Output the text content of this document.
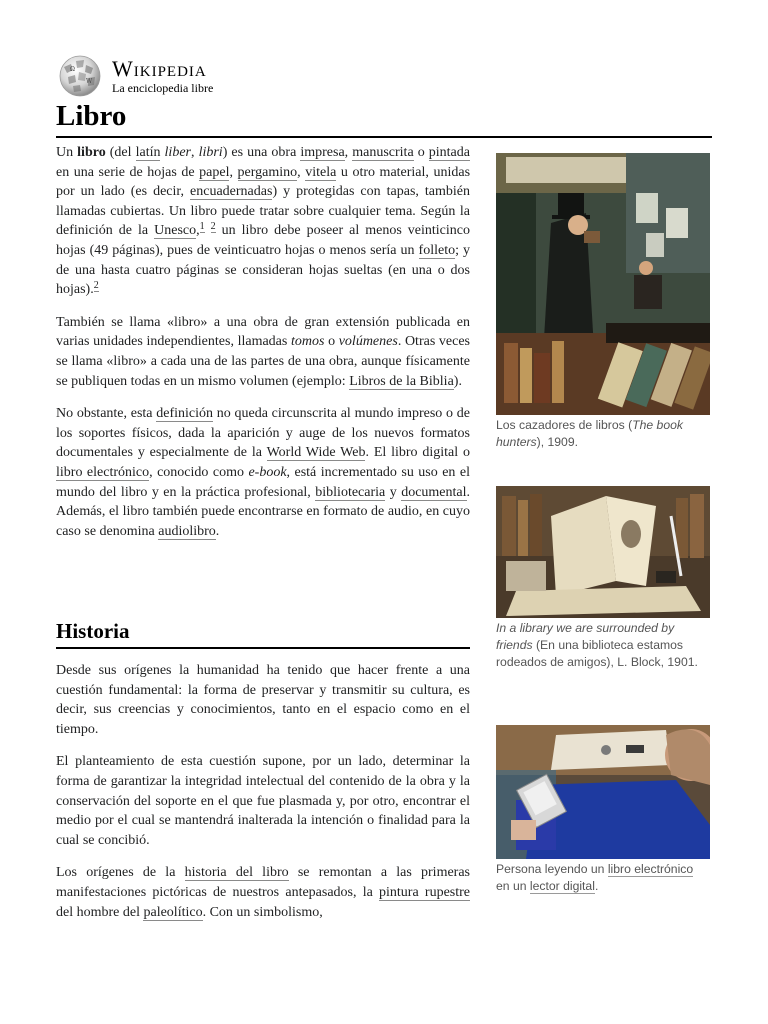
Ω
W
Wikipedia
La enciclopedia libre
Libro

Un libro (del latín liber, libri) es una obra impresa, manuscrita o pintada en una serie de hojas de papel, pergamino, vitela u otro material, unidas por un lado (es decir, encuadernadas) y protegidas con tapas, también llamadas cubiertas. Un libro puede tratar sobre cualquier tema. Según la definición de la Unesco,$^1$ $^2$ un libro debe poseer al menos veinticinco hojas (49 páginas), pues de veinticuatro hojas o menos sería un folleto; y de una hasta cuatro páginas se consideran hojas sueltas (en una o dos hojas).$^2$

También se llama «libro» a una obra de gran extensión publicada en varias unidades independientes, llamadas tomos o volúmenes. Otras veces se llama «libro» a cada una de las partes de una obra, aunque físicamente se publiquen todas en un mismo volumen (ejemplo: Libros de la Biblia).

No obstante, esta definición no queda circunscrita al mundo impreso o de los soportes físicos, dada la aparición y auge de los nuevos formatos documentales y especialmente de la World Wide Web. El libro digital o libro electrónico, conocido como e-book, está incrementado su uso en el mundo del libro y en la práctica profesional, bibliotecaria y documental. Además, el libro también puede encontrarse en formato de audio, en cuyo caso se denomina audiolibro.

Historia

Desde sus orígenes la humanidad ha tenido que hacer frente a una cuestión fundamental: la forma de preservar y transmitir su cultura, es decir, sus creencias y conocimientos, tanto en el espacio como en el tiempo.

El planteamiento de esta cuestión supone, por un lado, determinar la forma de garantizar la integridad intelectual del contenido de la obra y la conservación del soporte en el que fue plasmada y, por otro, encontrar el medio por el cual se mantendrá inalterada la intención o finalidad para la cual se concibió.

Los orígenes de la historia del libro se remontan a las primeras manifestaciones pictóricas de nuestros antepasados, la pintura rupestre del hombre del paleolítico. Con un simbolismo,

Los cazadores de libros (The book hunters), 1909.
In a library we are surrounded by friends (En una biblioteca estamos rodeados de amigos), L. Block, 1901.
Persona leyendo un libro electrónico en un lector digital.
